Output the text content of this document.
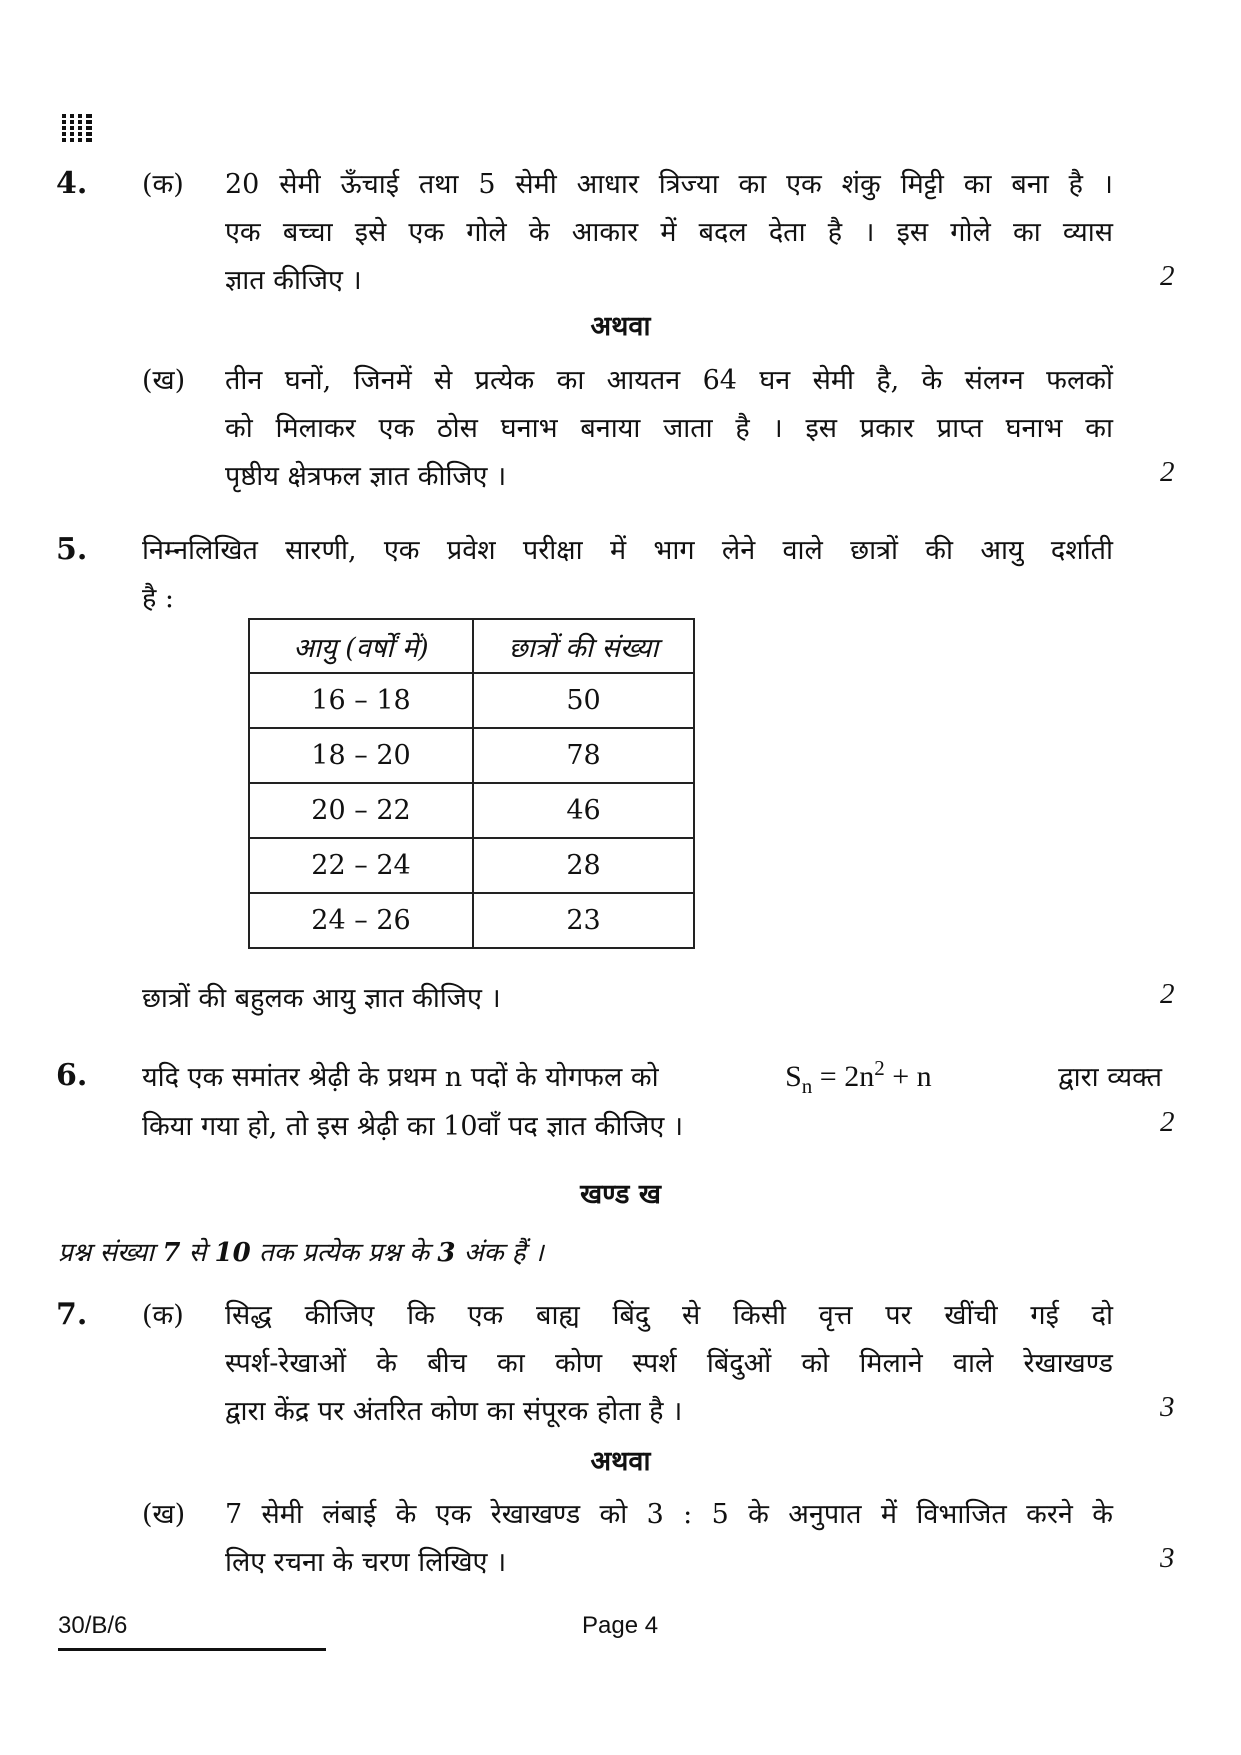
4. (क) 20 सेमी ऊँचाई तथा 5 सेमी आधार त्रिज्या का एक शंकु मिट्टी का बना है ।
एक बच्चा इसे एक गोले के आकार में बदल देता है । इस गोले का व्यास
ज्ञात कीजिए ।	2
अथवा
(ख) तीन घनों, जिनमें से प्रत्येक का आयतन 64 घन सेमी है, के संलग्न फलकों
को मिलाकर एक ठोस घनाभ बनाया जाता है । इस प्रकार प्राप्त घनाभ का
पृष्ठीय क्षेत्रफल ज्ञात कीजिए ।	2
5. निम्नलिखित सारणी, एक प्रवेश परीक्षा में भाग लेने वाले छात्रों की आयु दर्शाती
है :
आयु (वर्षों में)	छात्रों की संख्या
16 – 18	50
18 – 20	78
20 – 22	46
22 – 24	28
24 – 26	23
छात्रों की बहुलक आयु ज्ञात कीजिए ।	2
6. यदि एक समांतर श्रेढ़ी के प्रथम n पदों के योगफल को	$S_n = 2n^2 + n$	द्वारा व्यक्त
किया गया हो, तो इस श्रेढ़ी का 10वाँ पद ज्ञात कीजिए ।	2
खण्ड ख
प्रश्न संख्या 7 से 10 तक प्रत्येक प्रश्न के 3 अंक हैं ।
7. (क) सिद्ध कीजिए कि एक बाह्य बिंदु से किसी वृत्त पर खींची गई दो
स्पर्श-रेखाओं के बीच का कोण स्पर्श बिंदुओं को मिलाने वाले रेखाखण्ड
द्वारा केंद्र पर अंतरित कोण का संपूरक होता है ।	3
अथवा
(ख) 7 सेमी लंबाई के एक रेखाखण्ड को 3 : 5 के अनुपात में विभाजित करने के
लिए रचना के चरण लिखिए ।	3
30/B/6	Page 4
